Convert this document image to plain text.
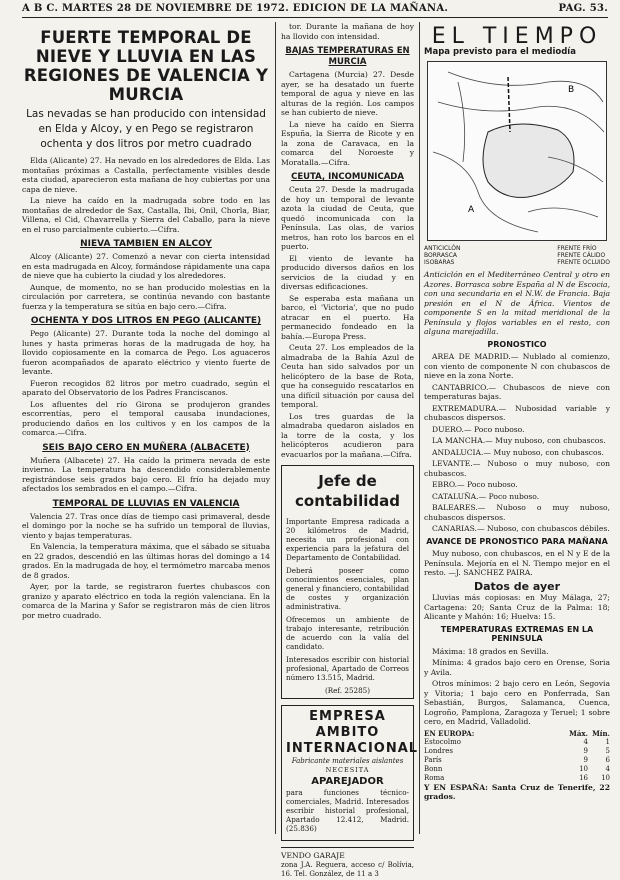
A B C. MARTES 28 DE NOVIEMBRE DE 1972. EDICION DE LA MAÑANA.	PAG. 53.
FUERTE TEMPORAL DE NIEVE Y LLUVIA EN LAS REGIONES DE VALENCIA Y MURCIA
Las nevadas se han producido con intensidad en Elda y Alcoy, y en Pego se registraron ochenta y dos litros por metro cuadrado

Elda (Alicante) 27. Ha nevado en los alrededores de Elda. Las montañas próximas a Castalla, perfectamente visibles desde esta ciudad, aparecieron esta mañana de hoy cubiertas por una capa de nieve.

La nieve ha caído en la madrugada sobre todo en las montañas de alrededor de Sax, Castalla, Ibi, Onil, Chorla, Biar, Villena, el Cid, Chavarrella y Sierra del Caballo, para la nieve en el ruso parcialmente cubierto.—Cifra.

NIEVA TAMBIEN EN ALCOY

Alcoy (Alicante) 27. Comenzó a nevar con cierta intensidad en esta madrugada en Alcoy, formándose rápidamente una capa de nieve que ha cubierto la ciudad y los alrededores.

Aunque, de momento, no se han producido molestias en la circulación por carretera, se continúa nevando con bastante fuerza y la temperatura se sitúa en bajo cero.—Cifra.

OCHENTA Y DOS LITROS EN PEGO (ALICANTE)

Pego (Alicante) 27. Durante toda la noche del domingo al lunes y hasta primeras horas de la madrugada de hoy, ha llovido copiosamente en la comarca de Pego. Los aguaceros fueron acompañados de aparato eléctrico y viento fuerte de levante.

Fueron recogidos 82 litros por metro cuadrado, según el aparato del Observatorio de los Padres Franciscanos.

Los afluentes del río Girona se produjeron grandes escorrentías, pero el temporal causaba inundaciones, produciendo daños en los cultivos y en los campos de la comarca.—Cifra.

SEIS BAJO CERO EN MUÑERA (ALBACETE)

Muñera (Albacete) 27. Ha caído la primera nevada de este invierno. La temperatura ha descendido considerablemente registrándose seis grados bajo cero. El frío ha dejado muy afectados los sembrados en el campo.—Cifra.

TEMPORAL DE LLUVIAS EN VALENCIA

Valencia 27. Tras once días de tiempo casi primaveral, desde el domingo por la noche se ha sufrido un temporal de lluvias, viento y bajas temperaturas.

En Valencia, la temperatura máxima, que el sábado se situaba en 22 grados, descendió en las últimas horas del domingo a 14 grados. En la madrugada de hoy, el termómetro marcaba menos de 8 grados.

Ayer, por la tarde, se registraron fuertes chubascos con granizo y aparato eléctrico en toda la región valenciana. En la comarca de la Marina y Safor se registraron más de cien litros por metro cuadrado.

tor. Durante la mañana de hoy ha llovido con intensidad.

BAJAS TEMPERATURAS EN MURCIA

Cartagena (Murcia) 27. Desde ayer, se ha desatado un fuerte temporal de agua y nieve en las alturas de la región. Los campos se han cubierto de nieve.

La nieve ha caído en Sierra Espuña, la Sierra de Ricote y en la zona de Caravaca, en la comarca del Noroeste y Moratalla.—Cifra.

CEUTA, INCOMUNICADA

Ceuta 27. Desde la madrugada de hoy un temporal de levante azota la ciudad de Ceuta, que quedó incomunicada con la Península. Las olas, de varios metros, han roto los barcos en el puerto.

El viento de levante ha producido diversos daños en los servicios de la ciudad y en diversas edificaciones.

Se esperaba esta mañana un barco, el 'Victoria', que no pudo atracar en el puerto. Ha permanecido fondeado en la bahía.—Europa Press.

Ceuta 27. Los empleados de la almadraba de la Bahía Azul de Ceuta han sido salvados por un helicóptero de la base de Rota, que ha conseguido rescatarlos en una difícil situación por causa del temporal.

Los tres guardas de la almadraba quedaron aislados en la torre de la costa, y los helicópteros acudieron para evacuarlos por la mañana.—Cifra.

Jefe de contabilidad

Importante Empresa radicada a 20 kilómetros de Madrid, necesita un profesional con experiencia para la jefatura del Departamento de Contabilidad.

Deberá poseer como conocimientos esenciales, plan general y financiero, contabilidad de costes y organización administrativa.

Ofrecemos un ambiente de trabajo interesante, retribución de acuerdo con la valía del candidato.

Interesados escribir con historial profesional, Apartado de Correos número 13.515, Madrid.

(Ref. 25285)
EMPRESA AMBITO
INTERNACIONAL
Fabricante materiales aislantes
NECESITA
APAREJADOR

para funciones técnico-comerciales, Madrid. Interesados escribir historial profesional, Apartado 12.412, Madrid. (25.836)

VENDO GARAJE

zona J.A. Reguera, acceso c/ Bolívia, 16. Tel. González, de 11 a 3

EL TIEMPO
Mapa previsto para el mediodía
B
A
ANTICICLÓN
BORRASCA
ISOBARAS
FRENTE FRÍO
FRENTE CÁLIDO
FRENTE OCLUIDO

Anticiclón en el Mediterráneo Central y otro en Azores. Borrasca sobre España al N de Escocia, con una secundaria en el N.W. de Francia. Baja presión en el N de África. Vientos de componente S en la mitad meridional de la Península y flojos variables en el resto, con alguna marejadilla.

PRONOSTICO

AREA DE MADRID.— Nublado al comienzo, con viento de componente N con chubascos de nieve en la zona Norte.

CANTABRICO.— Chubascos de nieve con temperaturas bajas.

EXTREMADURA.— Nubosidad variable y chubascos dispersos.

DUERO.— Poco nuboso.

LA MANCHA.— Muy nuboso, con chubascos.

ANDALUCIA.— Muy nuboso, con chubascos.

LEVANTE.— Nuboso o muy nuboso, con chubascos.

EBRO.— Poco nuboso.

CATALUÑA.— Poco nuboso.

BALEARES.— Nuboso o muy nuboso, chubascos dispersos.

CANARIAS.— Nuboso, con chubascos débiles.

AVANCE DE PRONOSTICO PARA MAÑANA

Muy nuboso, con chubascos, en el N y E de la Península. Mejoría en el N. Tiempo mejor en el resto. —J. SANCHEZ PAIRA.

Datos de ayer

Lluvias más copiosas: en Muy Málaga, 27; Cartagena: 20; Santa Cruz de la Palma: 18; Alicante y Mahón: 16; Huelva: 15.

TEMPERATURAS EXTREMAS EN LA PENINSULA

Máxima: 18 grados en Sevilla.

Mínima: 4 grados bajo cero en Orense, Soria y Avila.

Otros mínimos: 2 bajo cero en León, Segovia y Vitoria; 1 bajo cero en Ponferrada, San Sebastián, Burgos, Salamanca, Cuenca, Logroño, Pamplona, Zaragoza y Teruel; 1 sobre cero, en Madrid, Valladolid.

EN EUROPA:	Máx.	Mín.
Estocolmo	4	1
Londres	9	5
París	9	6
Bonn	10	4
Roma	16	10

Y EN ESPAÑA: Santa Cruz de Tenerife, 22 grados.
